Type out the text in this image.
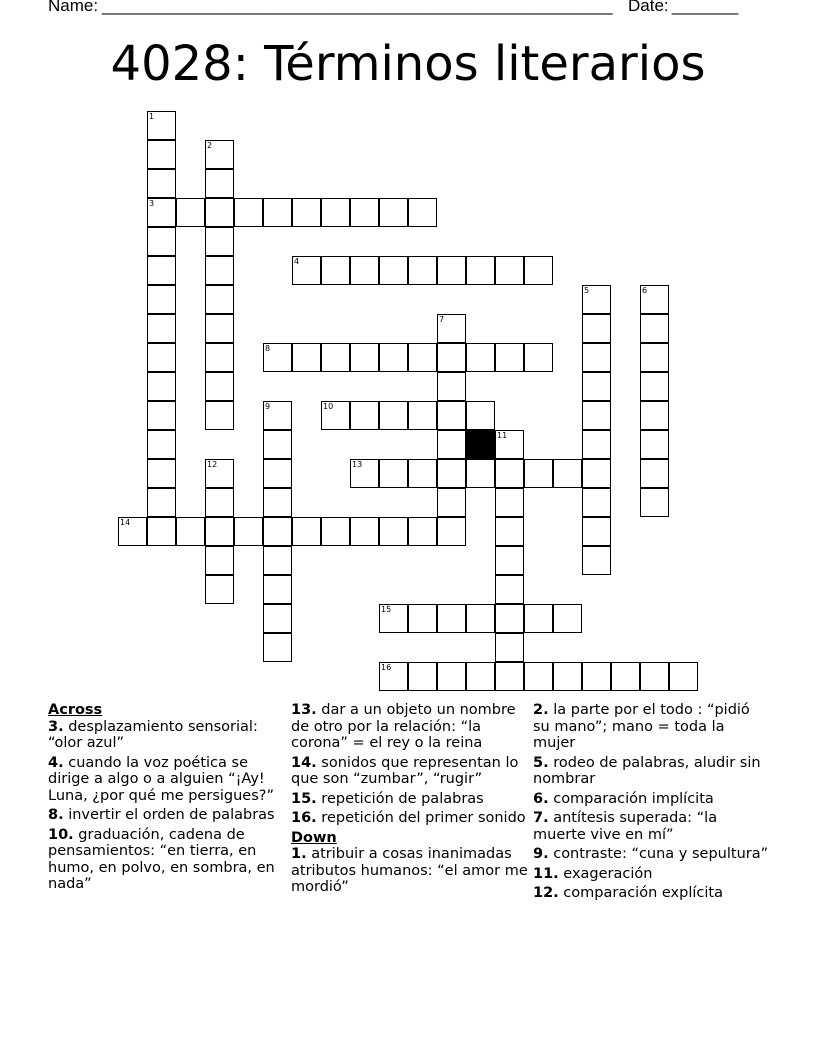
Name: ______________________________________________________ Date: _______
4028: Términos literarios
1
3
2
4
5	6
7
8
9	10
11
12	13
14
15
16
Across
3. desplazamiento sensorial: “olor azul”
4. cuando la voz poética se dirige a algo o a alguien “¡Ay! Luna, ¿por qué me persigues?”
8. invertir el orden de palabras
10. graduación, cadena de pensamientos: “en tierra, en humo, en polvo, en sombra, en nada”
13. dar a un objeto un nombre de otro por la relación: “la corona” = el rey o la reina
14. sonidos que representan lo que son “zumbar”, “rugir”
15. repetición de palabras
16. repetición del primer sonido
Down
1. atribuir a cosas inanimadas atributos humanos: “el amor me mordió”
2. la parte por el todo : “pidió su mano”; mano = toda la mujer
5. rodeo de palabras, aludir sin nombrar
6. comparación implícita
7. antítesis superada: “la muerte vive en mí”
9. contraste: “cuna y sepultura”
11. exageración
12. comparación explícita
